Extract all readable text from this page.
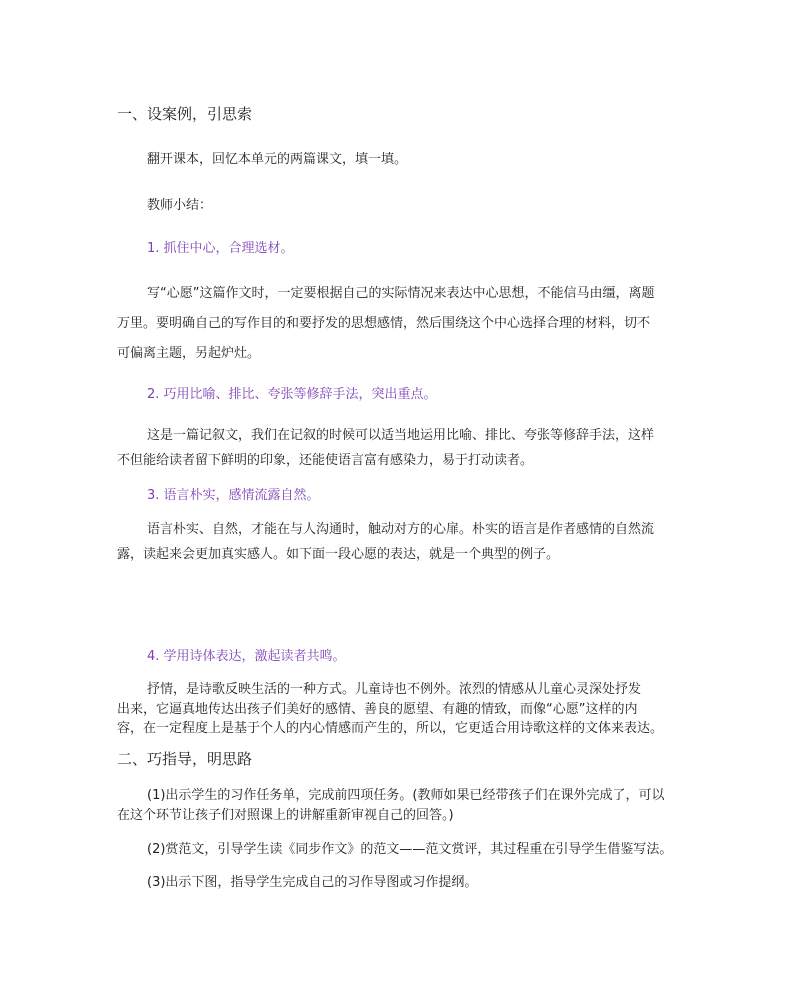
一、设案例，引思索
翻开课本，回忆本单元的两篇课文，填一填。
教师小结：
1. 抓住中心，合理选材。
写“心愿”这篇作文时，一定要根据自己的实际情况来表达中心思想，不能信马由缰，离题
万里。要明确自己的写作目的和要抒发的思想感情，然后围绕这个中心选择合理的材料，切不
可偏离主题，另起炉灶。
2. 巧用比喻、排比、夸张等修辞手法，突出重点。
这是一篇记叙文，我们在记叙的时候可以适当地运用比喻、排比、夸张等修辞手法，这样
不但能给读者留下鲜明的印象，还能使语言富有感染力，易于打动读者。
3. 语言朴实，感情流露自然。
语言朴实、自然，才能在与人沟通时，触动对方的心扉。朴实的语言是作者感情的自然流
露，读起来会更加真实感人。如下面一段心愿的表达，就是一个典型的例子。
4. 学用诗体表达，激起读者共鸣。
抒情，是诗歌反映生活的一种方式。儿童诗也不例外。浓烈的情感从儿童心灵深处抒发
出来，它逼真地传达出孩子们美好的感情、善良的愿望、有趣的情致，而像“心愿”这样的内
容，在一定程度上是基于个人的内心情感而产生的，所以，它更适合用诗歌这样的文体来表达。
二、巧指导，明思路
(1)出示学生的习作任务单，完成前四项任务。(教师如果已经带孩子们在课外完成了，可以
在这个环节让孩子们对照课上的讲解重新审视自己的回答。)
(2)赏范文，引导学生读《同步作文》的范文——范文赏评，其过程重在引导学生借鉴写法。
(3)出示下图，指导学生完成自己的习作导图或习作提纲。
